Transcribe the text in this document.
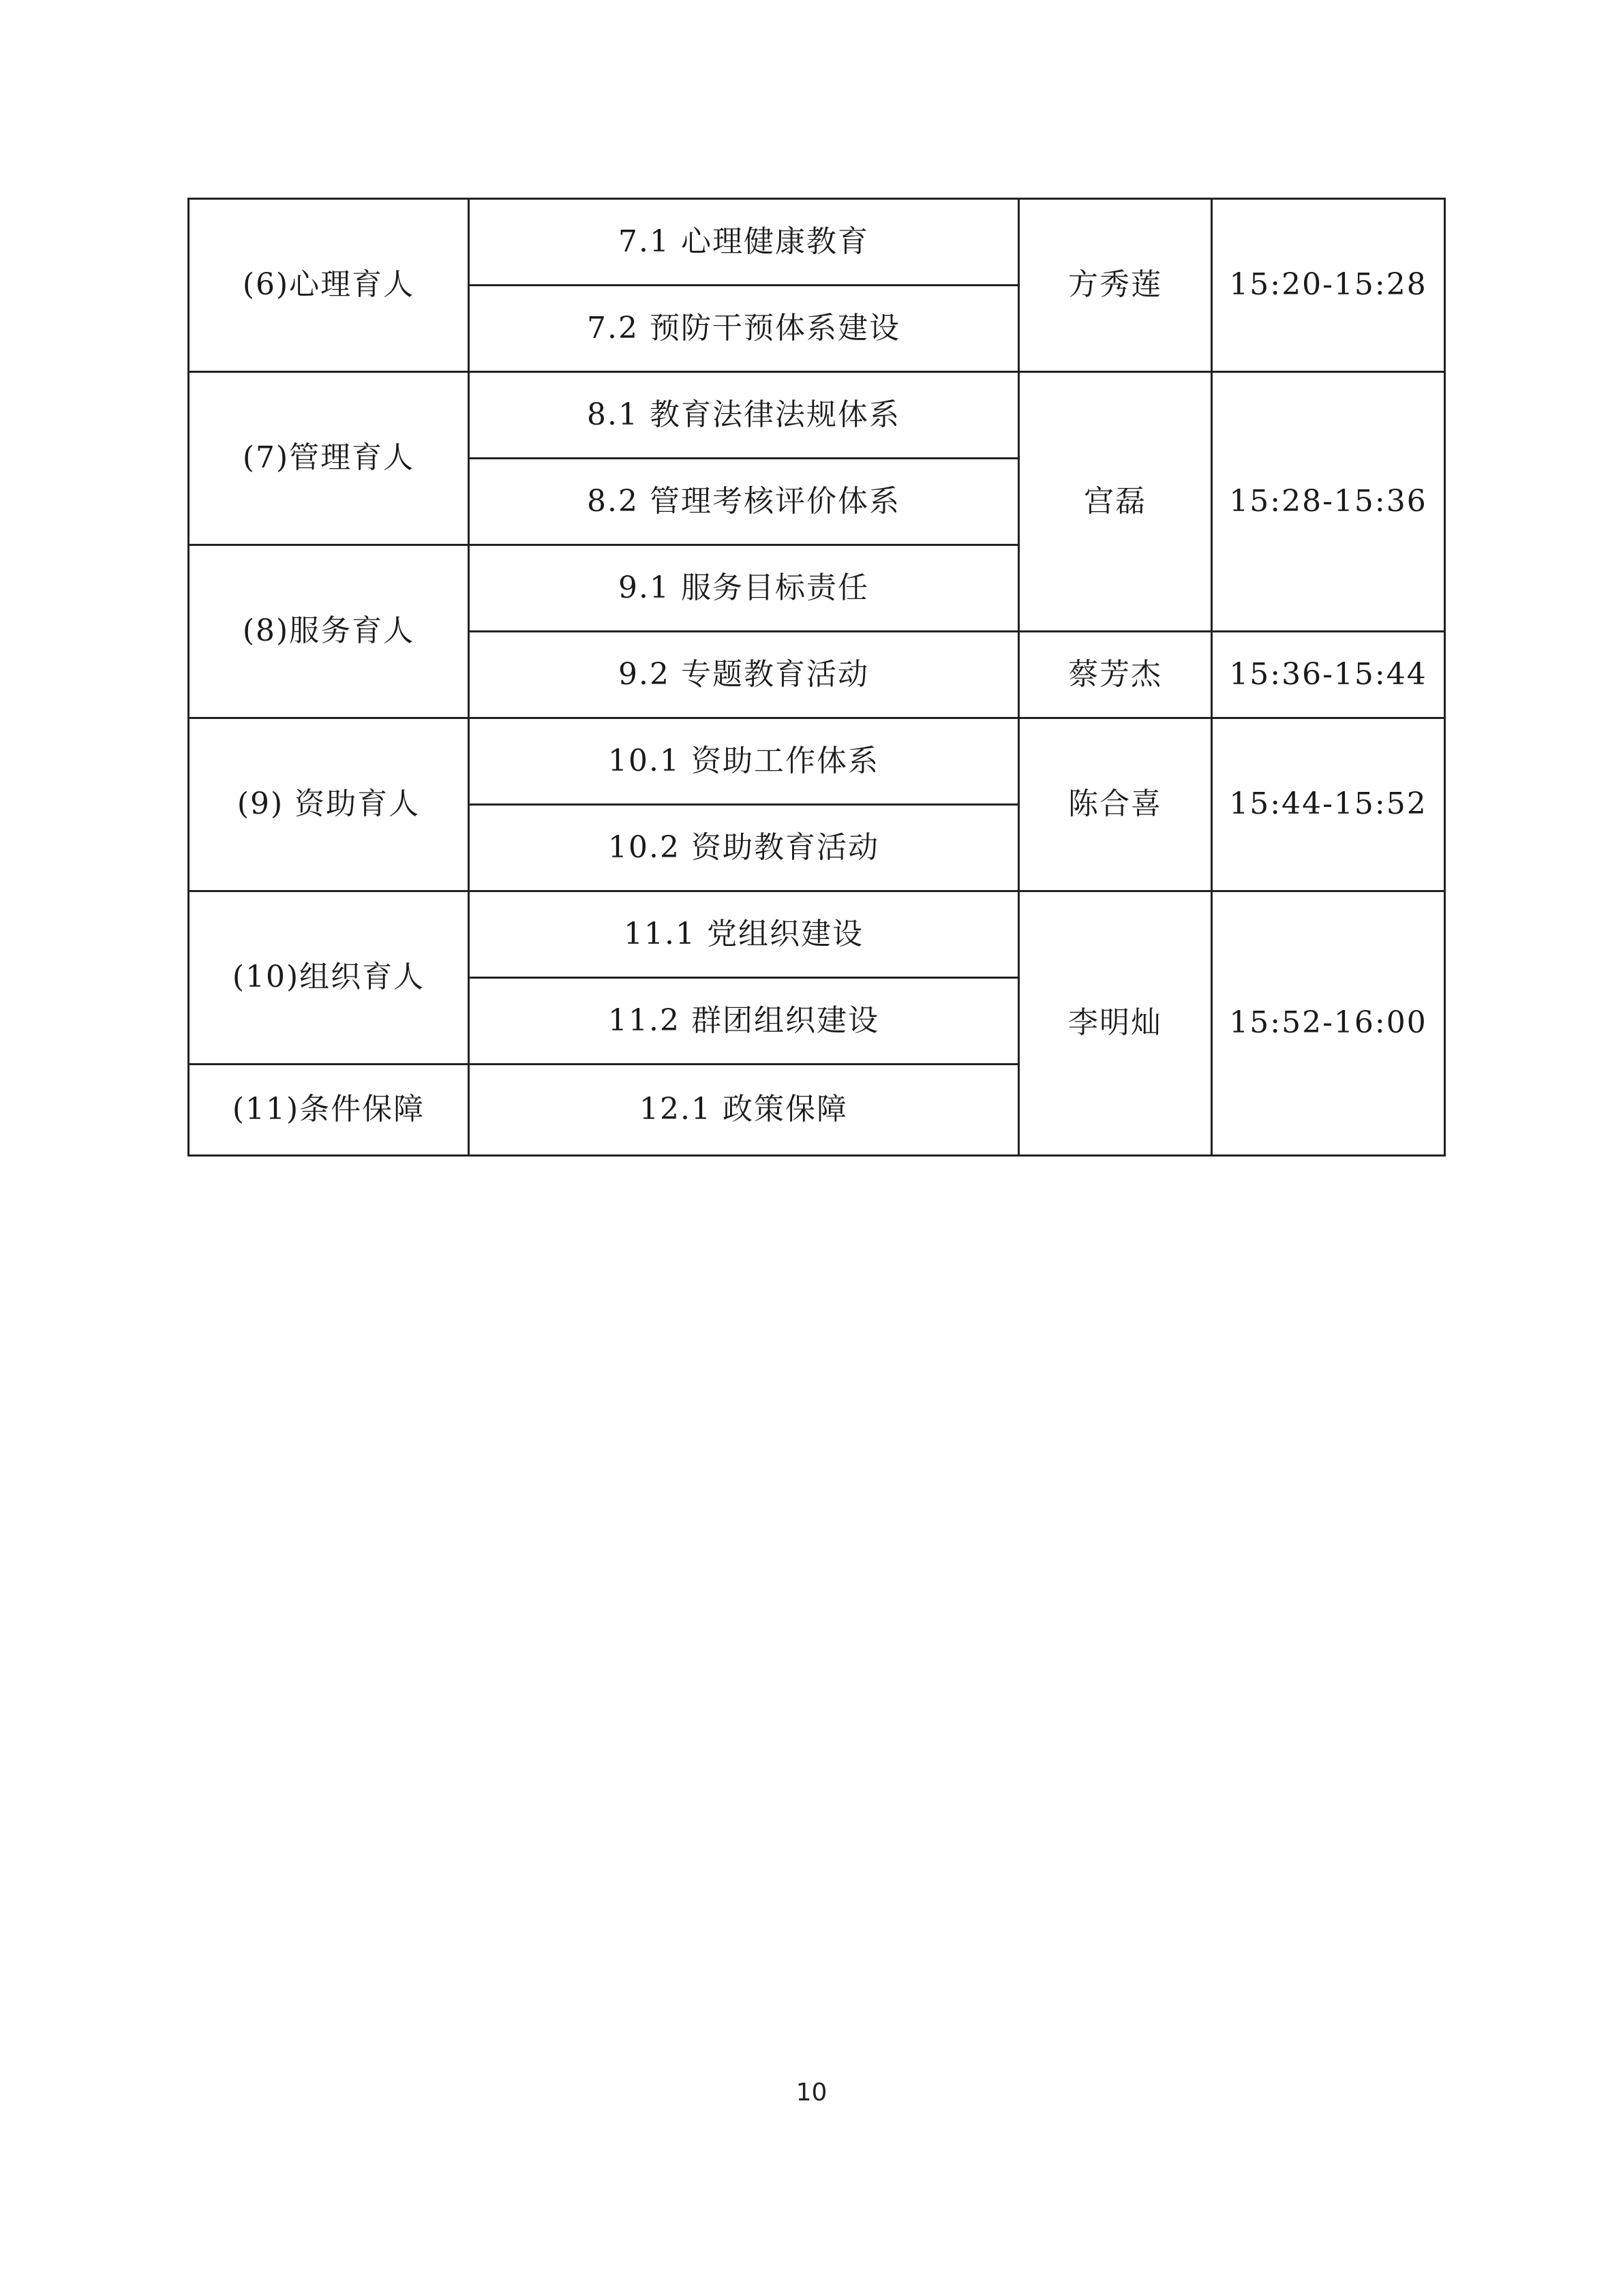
(6)心理育人	7.1 心理健康教育	方秀莲	15:20-15:28
	7.2 预防干预体系建设		
(7)管理育人	8.1 教育法律法规体系	宫磊	15:28-15:36
	8.2 管理考核评价体系		
(8)服务育人	9.1 服务目标责任		
	9.2 专题教育活动	蔡芳杰	15:36-15:44
(9) 资助育人	10.1 资助工作体系	陈合喜	15:44-15:52
	10.2 资助教育活动		
(10)组织育人	11.1 党组织建设	李明灿	15:52-16:00
	11.2 群团组织建设		
(11)条件保障	12.1 政策保障		
10
